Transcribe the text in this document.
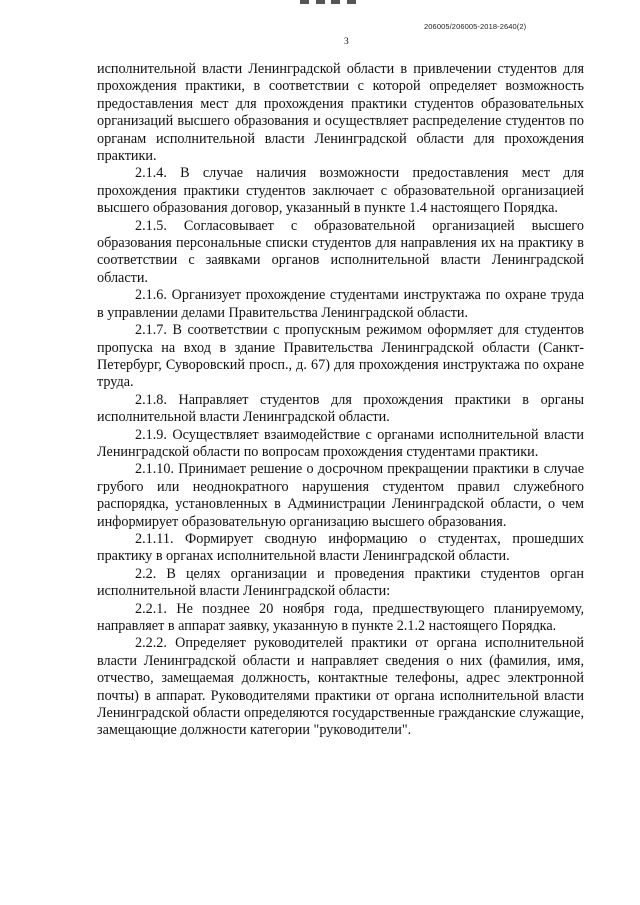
206005/206005-2018-2640(2)
3

исполнительной власти Ленинградской области в привлечении студентов для прохождения практики, в соответствии с которой определяет возможность предоставления мест для прохождения практики студентов образовательных организаций высшего образования и осуществляет распределение студентов по органам исполнительной власти Ленинградской области для прохождения практики.

2.1.4. В случае наличия возможности предоставления мест для прохождения практики студентов заключает с образовательной организацией высшего образования договор, указанный в пункте 1.4 настоящего Порядка.

2.1.5. Согласовывает с образовательной организацией высшего образования персональные списки студентов для направления их на практику в соответствии с заявками органов исполнительной власти Ленинградской области.

2.1.6. Организует прохождение студентами инструктажа по охране труда в управлении делами Правительства Ленинградской области.

2.1.7. В соответствии с пропускным режимом оформляет для студентов пропуска на вход в здание Правительства Ленинградской области (Санкт-Петербург, Суворовский просп., д. 67) для прохождения инструктажа по охране труда.

2.1.8. Направляет студентов для прохождения практики в органы исполнительной власти Ленинградской области.

2.1.9. Осуществляет взаимодействие с органами исполнительной власти Ленинградской области по вопросам прохождения студентами практики.

2.1.10. Принимает решение о досрочном прекращении практики в случае грубого или неоднократного нарушения студентом правил служебного распорядка, установленных в Администрации Ленинградской области, о чем информирует образовательную организацию высшего образования.

2.1.11. Формирует сводную информацию о студентах, прошедших практику в органах исполнительной власти Ленинградской области.

2.2. В целях организации и проведения практики студентов орган исполнительной власти Ленинградской области:

2.2.1. Не позднее 20 ноября года, предшествующего планируемому, направляет в аппарат заявку, указанную в пункте 2.1.2 настоящего Порядка.

2.2.2. Определяет руководителей практики от органа исполнительной власти Ленинградской области и направляет сведения о них (фамилия, имя, отчество, замещаемая должность, контактные телефоны, адрес электронной почты) в аппарат. Руководителями практики от органа исполнительной власти Ленинградской области определяются государственные гражданские служащие, замещающие должности категории "руководители".
